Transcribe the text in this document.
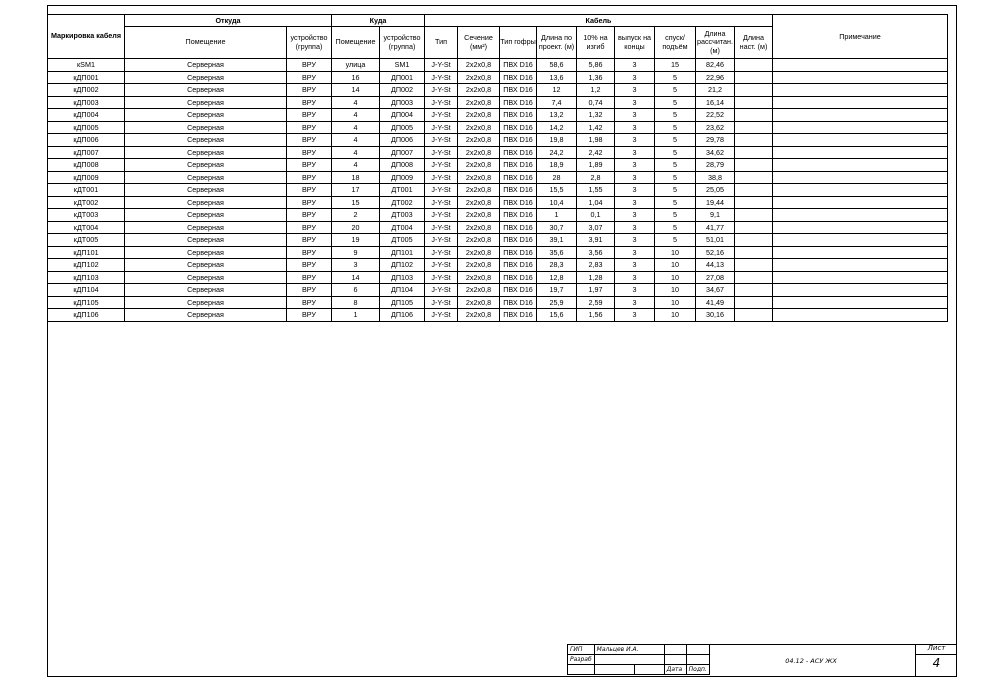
Маркировка кабеля	Откуда		Куда		Кабель									Примечание
	Помещение	устройство (группа)	Помещение	устройство (группа)	Тип	Сечение (мм²)	Тип гофры	Длина по проект. (м)	10% на изгиб	выпуск на концы	спуск/подъём	Длина рассчитан. (м)	Длина наст. (м)	
кSM1	Серверная	ВРУ	улица	SM1	J-Y-St	2х2х0,8	ПВХ D16	58,6	5,86	3	15	82,46		
кДП001	Серверная	ВРУ	16	ДП001	J-Y-St	2х2х0,8	ПВХ D16	13,6	1,36	3	5	22,96		
кДП002	Серверная	ВРУ	14	ДП002	J-Y-St	2х2х0,8	ПВХ D16	12	1,2	3	5	21,2		
кДП003	Серверная	ВРУ	4	ДП003	J-Y-St	2х2х0,8	ПВХ D16	7,4	0,74	3	5	16,14		
кДП004	Серверная	ВРУ	4	ДП004	J-Y-St	2х2х0,8	ПВХ D16	13,2	1,32	3	5	22,52		
кДП005	Серверная	ВРУ	4	ДП005	J-Y-St	2х2х0,8	ПВХ D16	14,2	1,42	3	5	23,62		
кДП006	Серверная	ВРУ	4	ДП006	J-Y-St	2х2х0,8	ПВХ D16	19,8	1,98	3	5	29,78		
кДП007	Серверная	ВРУ	4	ДП007	J-Y-St	2х2х0,8	ПВХ D16	24,2	2,42	3	5	34,62		
кДП008	Серверная	ВРУ	4	ДП008	J-Y-St	2х2х0,8	ПВХ D16	18,9	1,89	3	5	28,79		
кДП009	Серверная	ВРУ	18	ДП009	J-Y-St	2х2х0,8	ПВХ D16	28	2,8	3	5	38,8		
кДТ001	Серверная	ВРУ	17	ДТ001	J-Y-St	2х2х0,8	ПВХ D16	15,5	1,55	3	5	25,05		
кДТ002	Серверная	ВРУ	15	ДТ002	J-Y-St	2х2х0,8	ПВХ D16	10,4	1,04	3	5	19,44		
кДТ003	Серверная	ВРУ	2	ДТ003	J-Y-St	2х2х0,8	ПВХ D16	1	0,1	3	5	9,1		
кДТ004	Серверная	ВРУ	20	ДТ004	J-Y-St	2х2х0,8	ПВХ D16	30,7	3,07	3	5	41,77		
кДТ005	Серверная	ВРУ	19	ДТ005	J-Y-St	2х2х0,8	ПВХ D16	39,1	3,91	3	5	51,01		
кДП101	Серверная	ВРУ	9	ДП101	J-Y-St	2х2х0,8	ПВХ D16	35,6	3,56	3	10	52,16		
кДП102	Серверная	ВРУ	3	ДП102	J-Y-St	2х2х0,8	ПВХ D16	28,3	2,83	3	10	44,13		
кДП103	Серверная	ВРУ	14	ДП103	J-Y-St	2х2х0,8	ПВХ D16	12,8	1,28	3	10	27,08		
кДП104	Серверная	ВРУ	6	ДП104	J-Y-St	2х2х0,8	ПВХ D16	19,7	1,97	3	10	34,67		
кДП105	Серверная	ВРУ	8	ДП105	J-Y-St	2х2х0,8	ПВХ D16	25,9	2,59	3	10	41,49		
кДП106	Серверная	ВРУ	1	ДП106	J-Y-St	2х2х0,8	ПВХ D16	15,6	1,56	3	10	30,16		
ГИП	Мальцев И.А.			
Разраб				
			Дата	Подп.
04.12 - АСУ ЖХ
Лист
4
